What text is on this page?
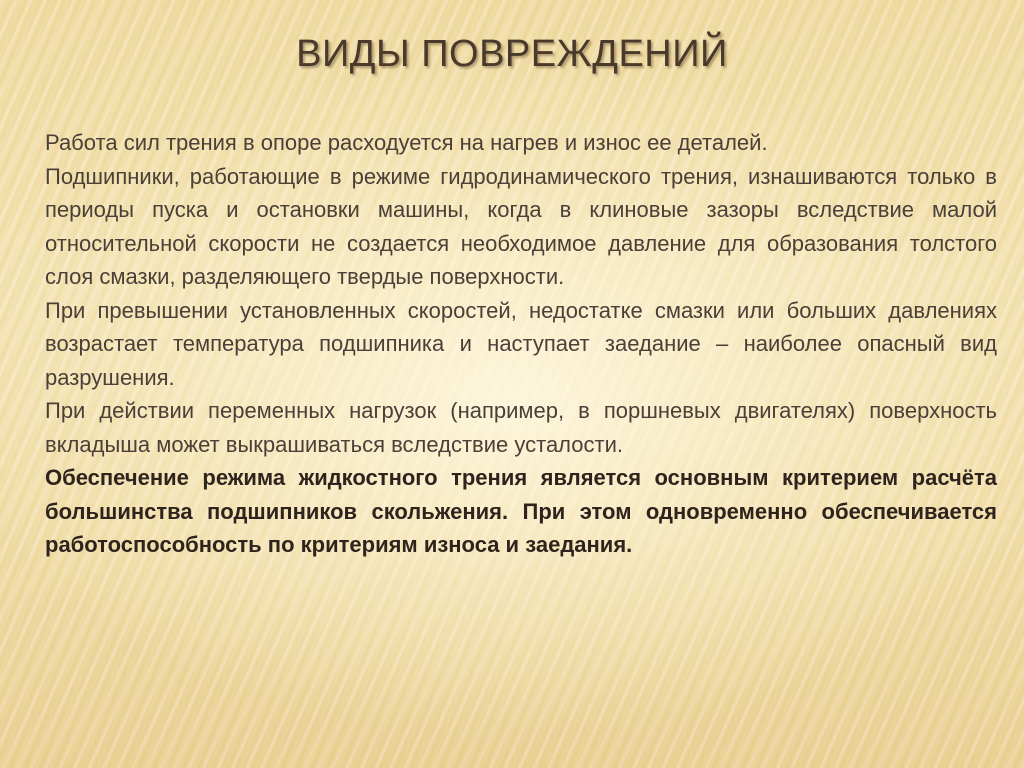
ВИДЫ ПОВРЕЖДЕНИЙ

Работа сил трения в опоре расходуется на нагрев и износ ее деталей.

Подшипники, работающие в режиме гидродинамического трения, изнашиваются только в периоды пуска и остановки машины, когда в клиновые зазоры вследствие малой относительной скорости не создается необходимое давление для образования толстого слоя смазки, разделяющего твердые поверхности.

При превышении установленных скоростей, недостатке смазки или больших давлениях возрастает температура подшипника и наступает заедание – наиболее опасный вид разрушения.

При действии переменных нагрузок (например, в поршневых двигателях) поверхность вкладыша может выкрашиваться вследствие усталости.

Обеспечение режима жидкостного трения является основным критерием расчёта большинства подшипников скольжения. При этом одновременно обеспечивается работоспособность по критериям износа и заедания.
